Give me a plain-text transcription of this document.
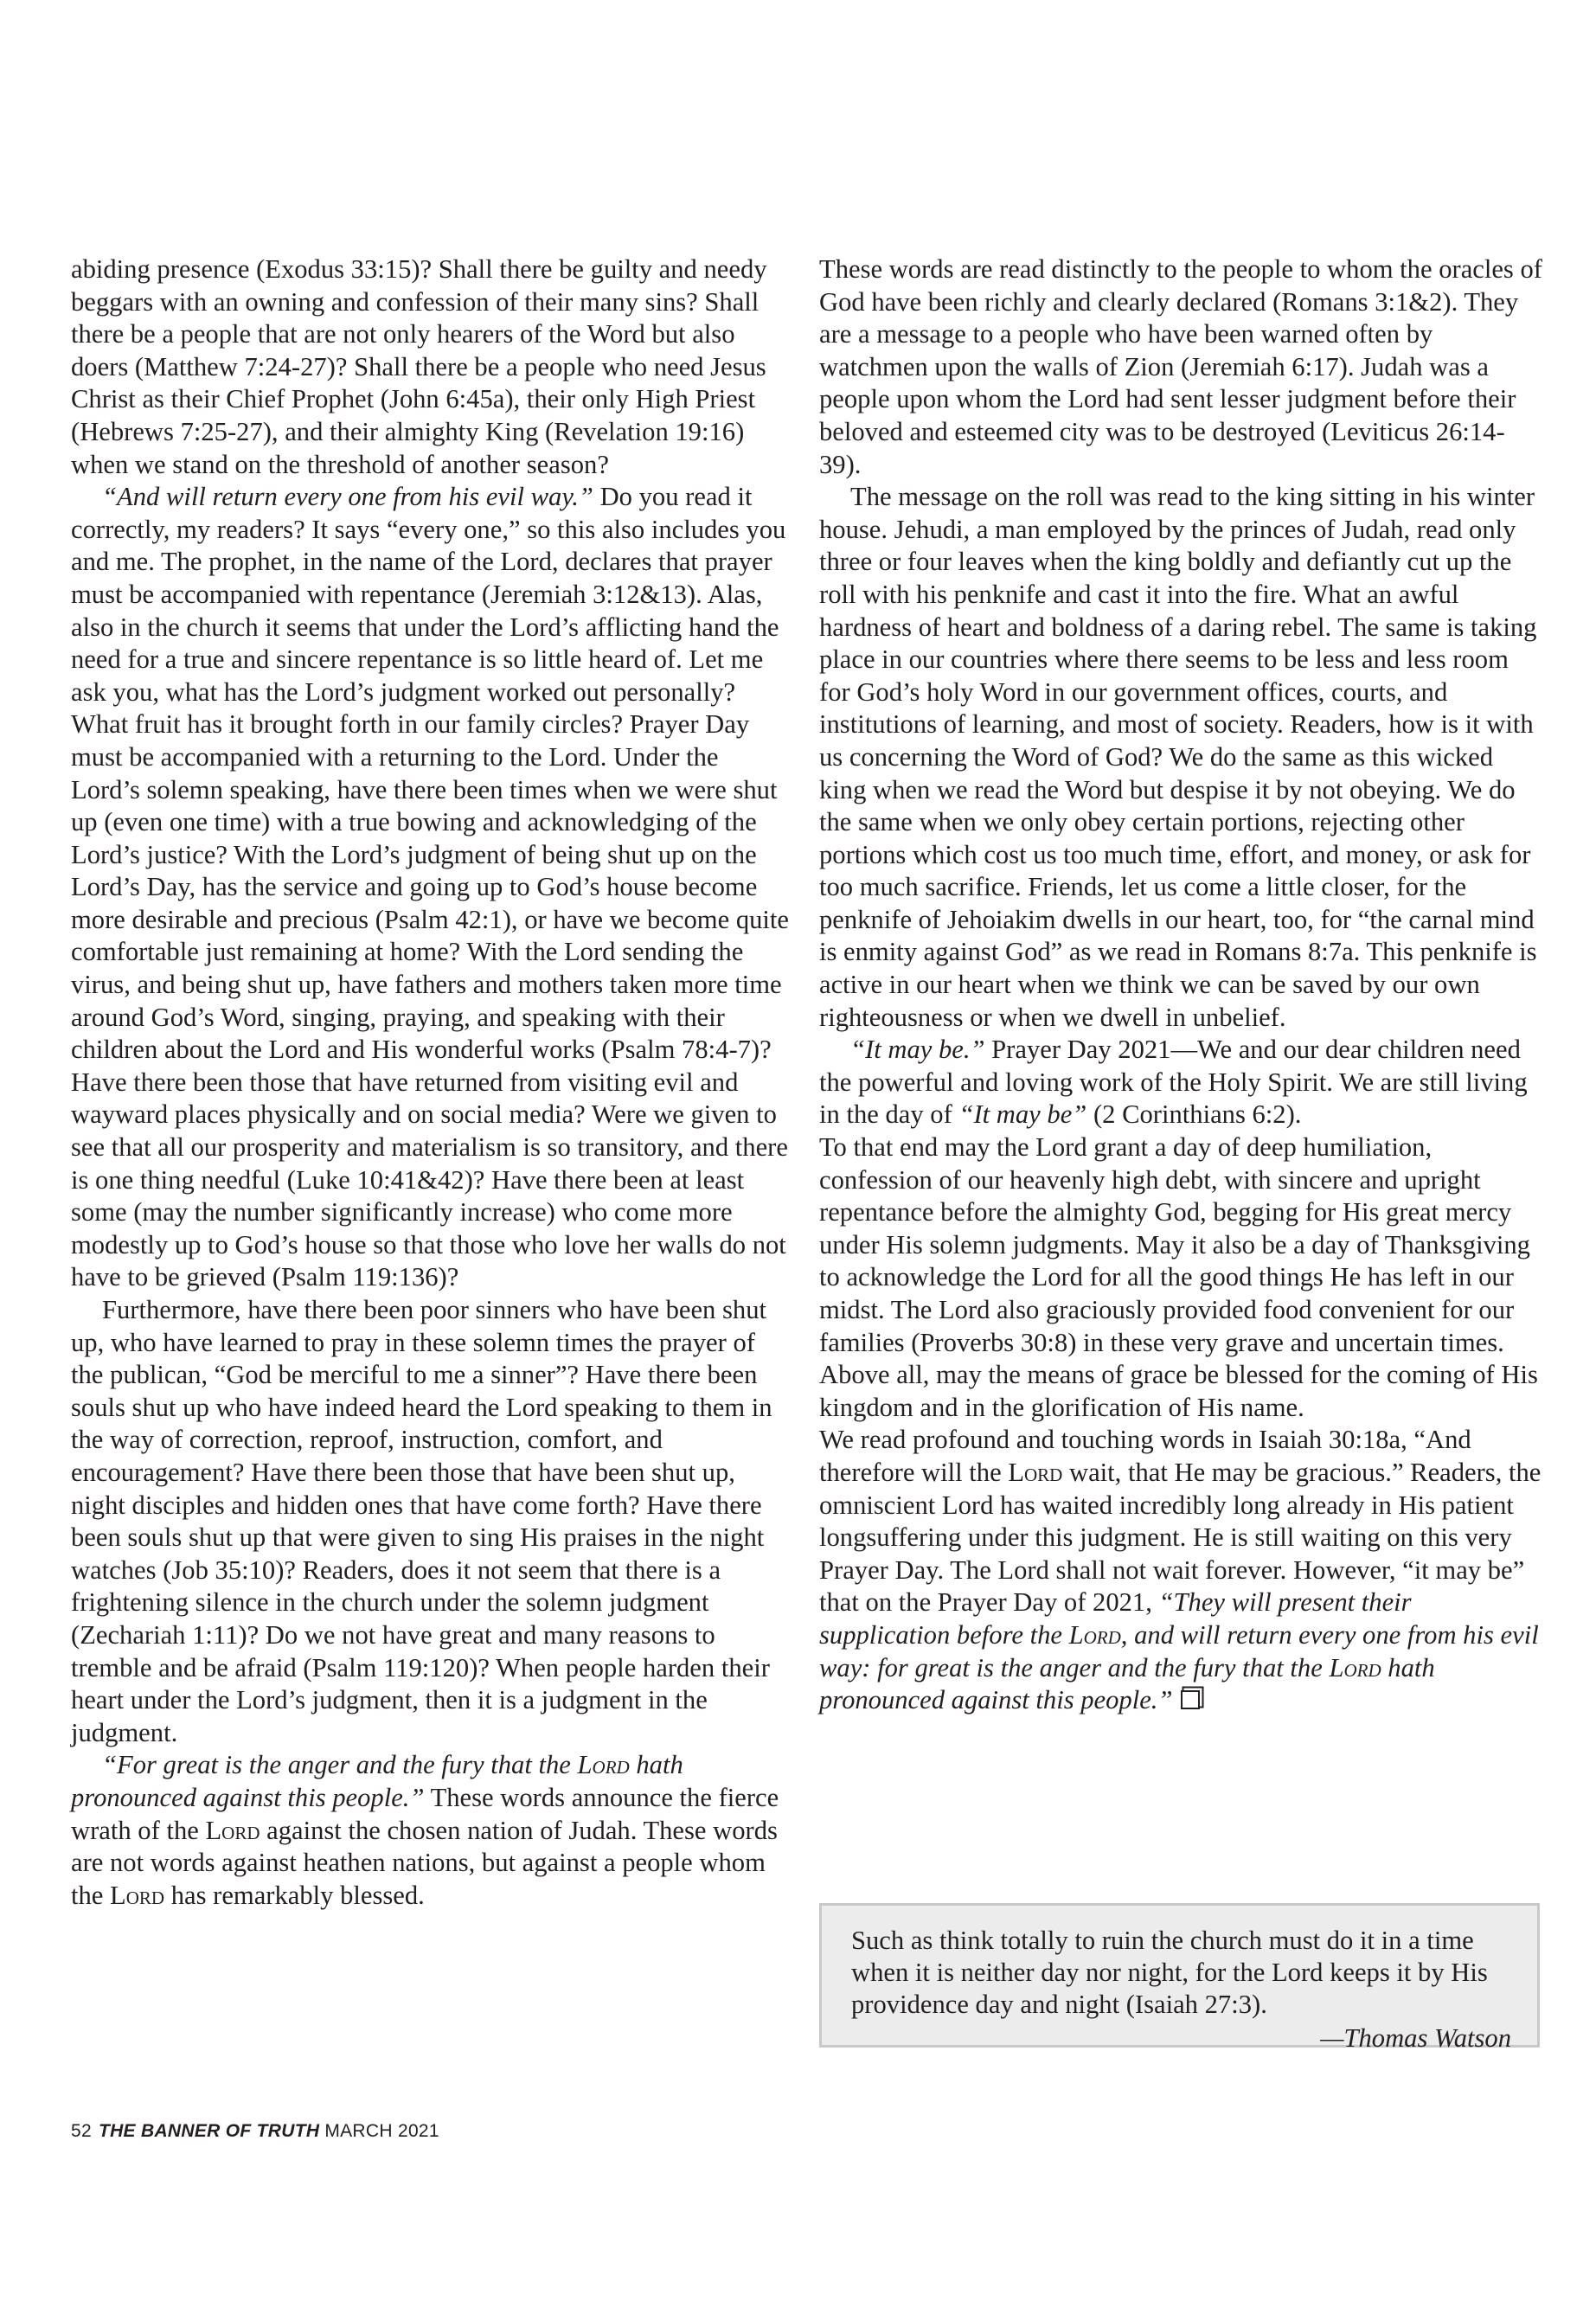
abiding presence (Exodus 33:15)? Shall there be guilty and needy beggars with an owning and confession of their many sins? Shall there be a people that are not only hearers of the Word but also doers (Matthew 7:24-27)? Shall there be a people who need Jesus Christ as their Chief Prophet (John 6:45a), their only High Priest (Hebrews 7:25-27), and their almighty King (Revelation 19:16) when we stand on the threshold of another season?

“And will return every one from his evil way.” Do you read it correctly, my readers? It says “every one,” so this also includes you and me. The prophet, in the name of the Lord, declares that prayer must be accompanied with repentance (Jeremiah 3:12&13). Alas, also in the church it seems that under the Lord’s afflicting hand the need for a true and sincere repentance is so little heard of. Let me ask you, what has the Lord’s judgment worked out personally? What fruit has it brought forth in our family circles? Prayer Day must be accompanied with a returning to the Lord. Under the Lord’s solemn speaking, have there been times when we were shut up (even one time) with a true bowing and acknowledging of the Lord’s justice? With the Lord’s judgment of being shut up on the Lord’s Day, has the service and going up to God’s house become more desirable and precious (Psalm 42:1), or have we become quite comfortable just remaining at home? With the Lord sending the virus, and being shut up, have fathers and mothers taken more time around God’s Word, singing, praying, and speaking with their children about the Lord and His wonderful works (Psalm 78:4-7)? Have there been those that have returned from visiting evil and wayward places physically and on social media? Were we given to see that all our prosperity and materialism is so transitory, and there is one thing needful (Luke 10:41&42)? Have there been at least some (may the number significantly increase) who come more modestly up to God’s house so that those who love her walls do not have to be grieved (Psalm 119:136)?

Furthermore, have there been poor sinners who have been shut up, who have learned to pray in these solemn times the prayer of the publican, “God be merciful to me a sinner”? Have there been souls shut up who have indeed heard the Lord speaking to them in the way of correction, reproof, instruction, comfort, and encouragement? Have there been those that have been shut up, night disciples and hidden ones that have come forth? Have there been souls shut up that were given to sing His praises in the night watches (Job 35:10)? Readers, does it not seem that there is a frightening silence in the church under the solemn judgment (Zechariah 1:11)? Do we not have great and many reasons to tremble and be afraid (Psalm 119:120)? When people harden their heart under the Lord’s judgment, then it is a judgment in the judgment.

“For great is the anger and the fury that the Lord hath pronounced against this people.” These words announce the fierce wrath of the Lord against the chosen nation of Judah. These words are not words against heathen nations, but against a people whom the Lord has remarkably blessed.

These words are read distinctly to the people to whom the oracles of God have been richly and clearly declared (Romans 3:1&2). They are a message to a people who have been warned often by watchmen upon the walls of Zion (Jeremiah 6:17). Judah was a people upon whom the Lord had sent lesser judgment before their beloved and esteemed city was to be destroyed (Leviticus 26:14-39).

The message on the roll was read to the king sitting in his winter house. Jehudi, a man employed by the princes of Judah, read only three or four leaves when the king boldly and defiantly cut up the roll with his penknife and cast it into the fire. What an awful hardness of heart and boldness of a daring rebel. The same is taking place in our countries where there seems to be less and less room for God’s holy Word in our government offices, courts, and institutions of learning, and most of society. Readers, how is it with us concerning the Word of God? We do the same as this wicked king when we read the Word but despise it by not obeying. We do the same when we only obey certain portions, rejecting other portions which cost us too much time, effort, and money, or ask for too much sacrifice. Friends, let us come a little closer, for the penknife of Jehoiakim dwells in our heart, too, for “the carnal mind is enmity against God” as we read in Romans 8:7a. This penknife is active in our heart when we think we can be saved by our own righteousness or when we dwell in unbelief.

“It may be.” Prayer Day 2021—We and our dear children need the powerful and loving work of the Holy Spirit. We are still living in the day of “It may be” (2 Corinthians 6:2).

To that end may the Lord grant a day of deep humiliation, confession of our heavenly high debt, with sincere and upright repentance before the almighty God, begging for His great mercy under His solemn judgments. May it also be a day of Thanksgiving to acknowledge the Lord for all the good things He has left in our midst. The Lord also graciously provided food convenient for our families (Proverbs 30:8) in these very grave and uncertain times. Above all, may the means of grace be blessed for the coming of His kingdom and in the glorification of His name.

We read profound and touching words in Isaiah 30:18a, “And therefore will the Lord wait, that He may be gracious.” Readers, the omniscient Lord has waited incredibly long already in His patient longsuffering under this judgment. He is still waiting on this very Prayer Day. The Lord shall not wait forever. However, “it may be” that on the Prayer Day of 2021, “They will present their supplication before the Lord, and will return every one from his evil way: for great is the anger and the fury that the Lord hath pronounced against this people.”

Such as think totally to ruin the church must do it in a time when it is neither day nor night, for the Lord keeps it by His providence day and night (Isaiah 27:3).
—Thomas Watson
52 THE BANNER OF TRUTH MARCH 2021
